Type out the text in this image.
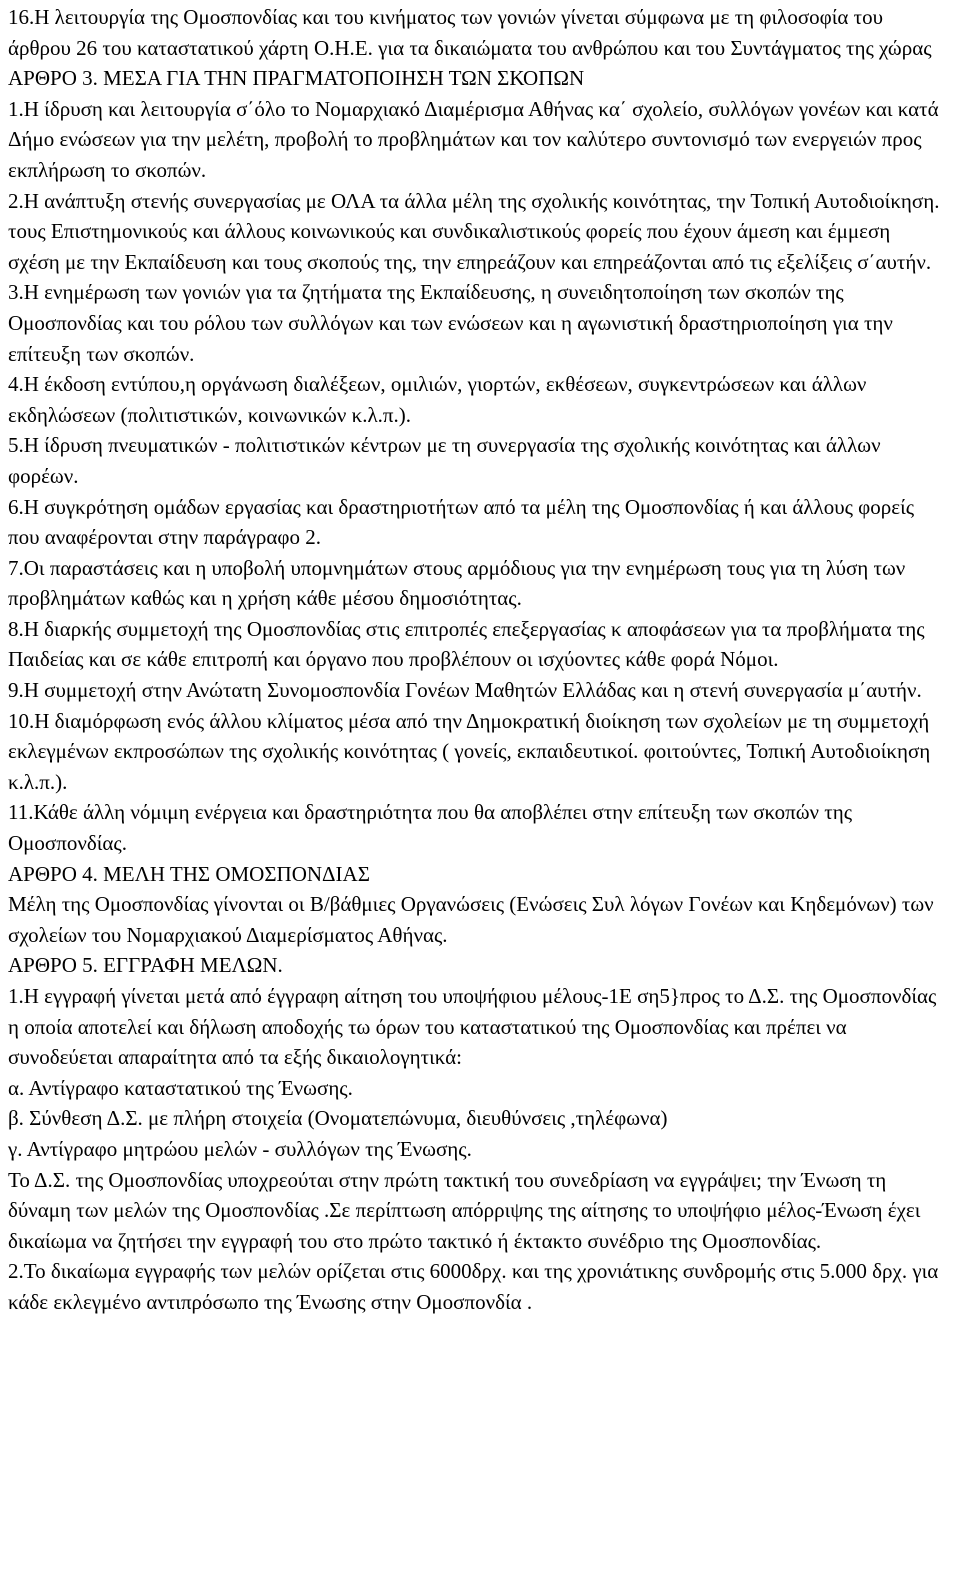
16.Η λειτουργία της Ομοσπονδίας και του κινήματος των γονιών γίνεται σύμφωνα με τη φιλοσοφία του άρθρου 26 του καταστατικού χάρτη Ο.Η.Ε. για τα δικαιώματα του ανθρώπου και του Συντάγματος της χώρας

ΑΡΘΡΟ 3. ΜΕΣΑ ΓΙΑ ΤΗΝ ΠΡΑΓΜΑΤΟΠΟΙΗΣΗ ΤΩΝ ΣΚΟΠΩΝ

1.Η ίδρυση και λειτουργία σ΄όλο το Νομαρχιακό Διαμέρισμα Αθήνας κα΄ σχολείο, συλλόγων γονέων και κατά Δήμο ενώσεων για την μελέτη, προβολή το προβλημάτων και τον καλύτερο συντονισμό των ενεργειών προς εκπλήρωση το σκοπών.

2.Η ανάπτυξη στενής συνεργασίας με ΟΛΑ τα άλλα μέλη της σχολικής κοινότητας, την Τοπική Αυτοδιοίκηση. τους Επιστημονικούς και άλλους κοινωνικούς και συνδικαλιστικούς φορείς που έχουν άμεση και έμμεση σχέση με την Εκπαίδευση και τους σκοπούς της, την επηρεάζουν και επηρεάζονται από τις εξελίξεις σ΄αυτήν.

3.Η ενημέρωση των γονιών για τα ζητήματα της Εκπαίδευσης, η συνειδητοποίηση των σκοπών της Ομοσπονδίας και του ρόλου των συλλόγων και των ενώσεων και η αγωνιστική δραστηριοποίηση για την επίτευξη των σκοπών.

4.Η έκδοση εντύπου,η οργάνωση διαλέξεων, ομιλιών, γιορτών, εκθέσεων, συγκεντρώσεων και άλλων εκδηλώσεων (πολιτιστικών, κοινωνικών κ.λ.π.).

5.Η ίδρυση πνευματικών - πολιτιστικών κέντρων με τη συνεργασία της σχολικής κοινότητας και άλλων φορέων.

6.Η συγκρότηση ομάδων εργασίας και δραστηριοτήτων από τα μέλη της Ομοσπονδίας ή και άλλους φορείς που αναφέρονται στην παράγραφο 2.

7.Οι παραστάσεις και η υποβολή υπομνημάτων στους αρμόδιους για την ενημέρωση τους για τη λύση των προβλημάτων καθώς και η χρήση κάθε μέσου δημοσιότητας.

8.Η διαρκής συμμετοχή της Ομοσπονδίας στις επιτροπές επεξεργασίας κ αποφάσεων για τα προβλήματα της Παιδείας και σε κάθε επιτροπή και όργανο που προβλέπουν οι ισχύοντες κάθε φορά Νόμοι.

9.Η συμμετοχή στην Ανώτατη Συνομοσπονδία Γονέων Μαθητών Ελλάδας και η στενή συνεργασία μ΄αυτήν.

10.Η διαμόρφωση ενός άλλου κλίματος μέσα από την Δημοκρατική διοίκηση των σχολείων με τη συμμετοχή εκλεγμένων εκπροσώπων της σχολικής κοινότητας ( γονείς, εκπαιδευτικοί. φοιτούντες, Τοπική Αυτοδιοίκηση κ.λ.π.).

11.Κάθε άλλη νόμιμη ενέργεια και δραστηριότητα που θα αποβλέπει στην επίτευξη των σκοπών της Ομοσπονδίας.

ΑΡΘΡΟ 4. ΜΕΛΗ ΤΗΣ ΟΜΟΣΠΟΝΔΙΑΣ

Μέλη της Ομοσπονδίας γίνονται οι Β/βάθμιες Οργανώσεις (Ενώσεις Συλ λόγων Γονέων και Κηδεμόνων) των σχολείων του Νομαρχιακού Διαμερίσματος Αθήνας.

ΑΡΘΡΟ 5. ΕΓΓΡΑΦΗ ΜΕΛΩΝ.

1.Η εγγραφή γίνεται μετά από έγγραφη αίτηση του υποψήφιου μέλους-1Ε ση5}προς το Δ.Σ. της Ομοσπονδίας η οποία αποτελεί και δήλωση αποδοχής τω όρων του καταστατικού της Ομοσπονδίας και πρέπει να συνοδεύεται απαραίτητα από τα εξής δικαιολογητικά:

α. Αντίγραφο καταστατικού της Ένωσης.

β. Σύνθεση Δ.Σ. με πλήρη στοιχεία (Ονοματεπώνυμα, διευθύνσεις ,τηλέφωνα)

γ. Αντίγραφο μητρώου μελών - συλλόγων της Ένωσης.

Το Δ.Σ. της Ομοσπονδίας υποχρεούται στην πρώτη τακτική του συνεδρίαση να εγγράψει; την Ένωση τη δύναμη των μελών της Ομοσπονδίας .Σε περίπτωση απόρριψης της αίτησης το υποψήφιο μέλος-Ένωση έχει δικαίωμα να ζητήσει την εγγραφή του στο πρώτο τακτικό ή έκτακτο συνέδριο της Ομοσπονδίας.

2.Το δικαίωμα εγγραφής των μελών ορίζεται στις 6000δρχ. και της χρονιάτικης συνδρομής στις 5.000 δρχ. για κάδε εκλεγμένο αντιπρόσωπο της Ένωσης στην Ομοσπονδία .
